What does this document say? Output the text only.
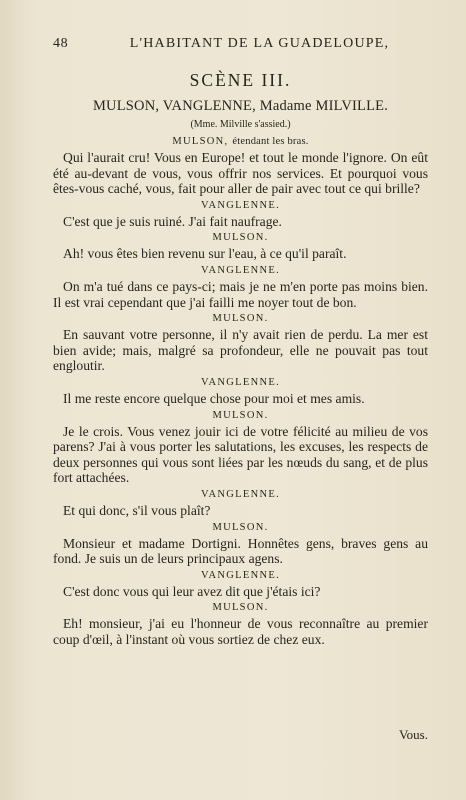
48	L'HABITANT DE LA GUADELOUPE,
SCÈNE III.
MULSON, VANGLENNE, Madame MILVILLE.
(Mme. Milville s'assied.)
MULSON, étendant les bras.

Qui l'aurait cru! Vous en Europe! et tout le monde l'ignore. On eût été au-devant de vous, vous offrir nos services. Et pourquoi vous êtes-vous caché, vous, fait pour aller de pair avec tout ce qui brille?

VANGLENNE.

C'est que je suis ruiné. J'ai fait naufrage.

MULSON.

Ah! vous êtes bien revenu sur l'eau, à ce qu'il paraît.

VANGLENNE.

On m'a tué dans ce pays-ci; mais je ne m'en porte pas moins bien. Il est vrai cependant que j'ai failli me noyer tout de bon.

MULSON.

En sauvant votre personne, il n'y avait rien de perdu. La mer est bien avide; mais, malgré sa profondeur, elle ne pouvait pas tout engloutir.

VANGLENNE.

Il me reste encore quelque chose pour moi et mes amis.

MULSON.

Je le crois. Vous venez jouir ici de votre félicité au milieu de vos parens? J'ai à vous porter les salutations, les excuses, les respects de deux personnes qui vous sont liées par les nœuds du sang, et de plus fort attachées.

VANGLENNE.

Et qui donc, s'il vous plaît?

MULSON.

Monsieur et madame Dortigni. Honnêtes gens, braves gens au fond. Je suis un de leurs principaux agens.

VANGLENNE.

C'est donc vous qui leur avez dit que j'étais ici?

MULSON.

Eh! monsieur, j'ai eu l'honneur de vous reconnaître au premier coup d'œil, à l'instant où vous sortiez de chez eux.

Vous.
